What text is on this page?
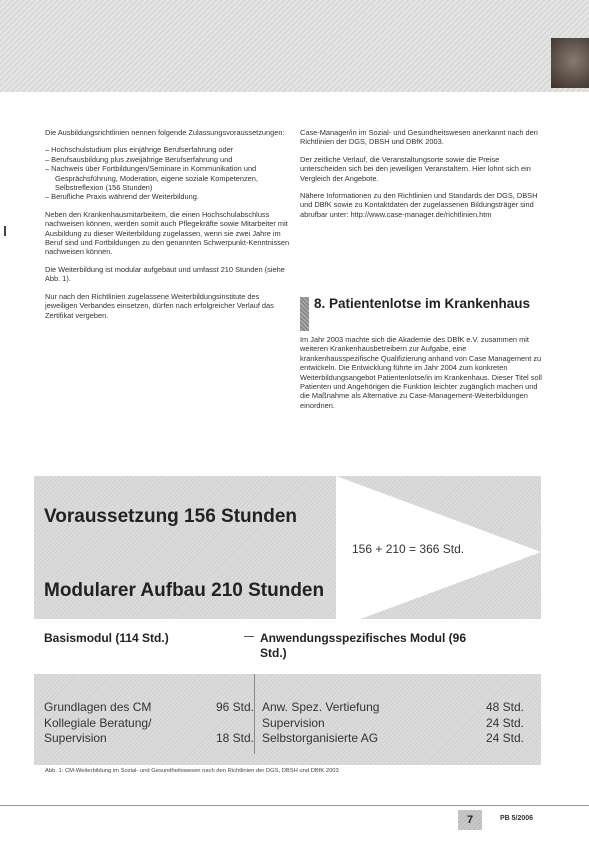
Die Ausbildungsrichtlinien nennen folgende Zulassungsvoraussetzungen:

– Hochschulstudium plus einjährige Berufserfahrung oder
– Berufsausbildung plus zweijährige Berufserfahrung und
– Nachweis über Fortbildungen/Seminare in Kommunikation und Gesprächsführung, Moderation, eigene soziale Kompetenzen, Selbstreflexion (156 Stunden)
– Berufliche Praxis während der Weiterbildung.

Neben den Krankenhausmitarbeitern, die einen Hochschulabschluss nachweisen können, werden somit auch Pflegekräfte sowie Mitarbeiter mit Ausbildung zu dieser Weiterbildung zugelassen, wenn sie zwei Jahre im Beruf sind und Fortbildungen zu den genannten Schwerpunkt-Kenntnissen nachweisen können.

Die Weiterbildung ist modular aufgebaut und umfasst 210 Stunden (siehe Abb. 1).

Nur nach den Richtlinien zugelassene Weiterbildungsinstitute des jeweiligen Verbandes einsetzen, dürfen nach erfolgreicher Verlauf das Zertifikat vergeben.

Case-Manager/in im Sozial- und Gesundheitswesen anerkannt nach den Richtlinien der DGS, DBSH und DBfK 2003.

Der zeitliche Verlauf, die Veranstaltungsorte sowie die Preise unterscheiden sich bei den jeweiligen Veranstaltern. Hier lohnt sich ein Vergleich der Angebote.

Nähere Informationen zu den Richtlinien und Standards der DGS, DBSH und DBfK sowie zu Kontaktdaten der zugelassenen Bildungsträger sind abrufbar unter: http://www.case-manager.de/richtlinien.htm

8. Patientenlotse im Krankenhaus

Im Jahr 2003 machte sich die Akademie des DBfK e.V. zusammen mit weiteren Krankenhausbetreibern zur Aufgabe, eine krankenhausspezifische Qualifizierung anhand von Case Management zu entwickeln. Die Entwicklung führte im Jahr 2004 zum konkreten Weiterbildungsangebot Patientenlotse/in im Krankenhaus. Dieser Titel soll Patienten und Angehörigen die Funktion leichter zugänglich machen und die Maßnahme als Alternative zu Case-Management-Weiterbildungen einordnen.

Voraussetzung 156 Stunden
156 + 210 = 366 Std.
Modularer Aufbau 210 Stunden
Basismodul (114 Std.)	Anwendungsspezifisches Modul (96 Std.)
Grundlagen des CM	96 Std.
Kollegiale Beratung/
Supervision	18 Std.
Anw. Spez. Vertiefung	48 Std.
Supervision	24 Std.
Selbstorganisierte AG	24 Std.
Abb. 1: CM-Weiterbildung im Sozial- und Gesundheitswesen nach den Richtlinien der DGS, DBSH und DBfK 2003
7	PB 5/2006
